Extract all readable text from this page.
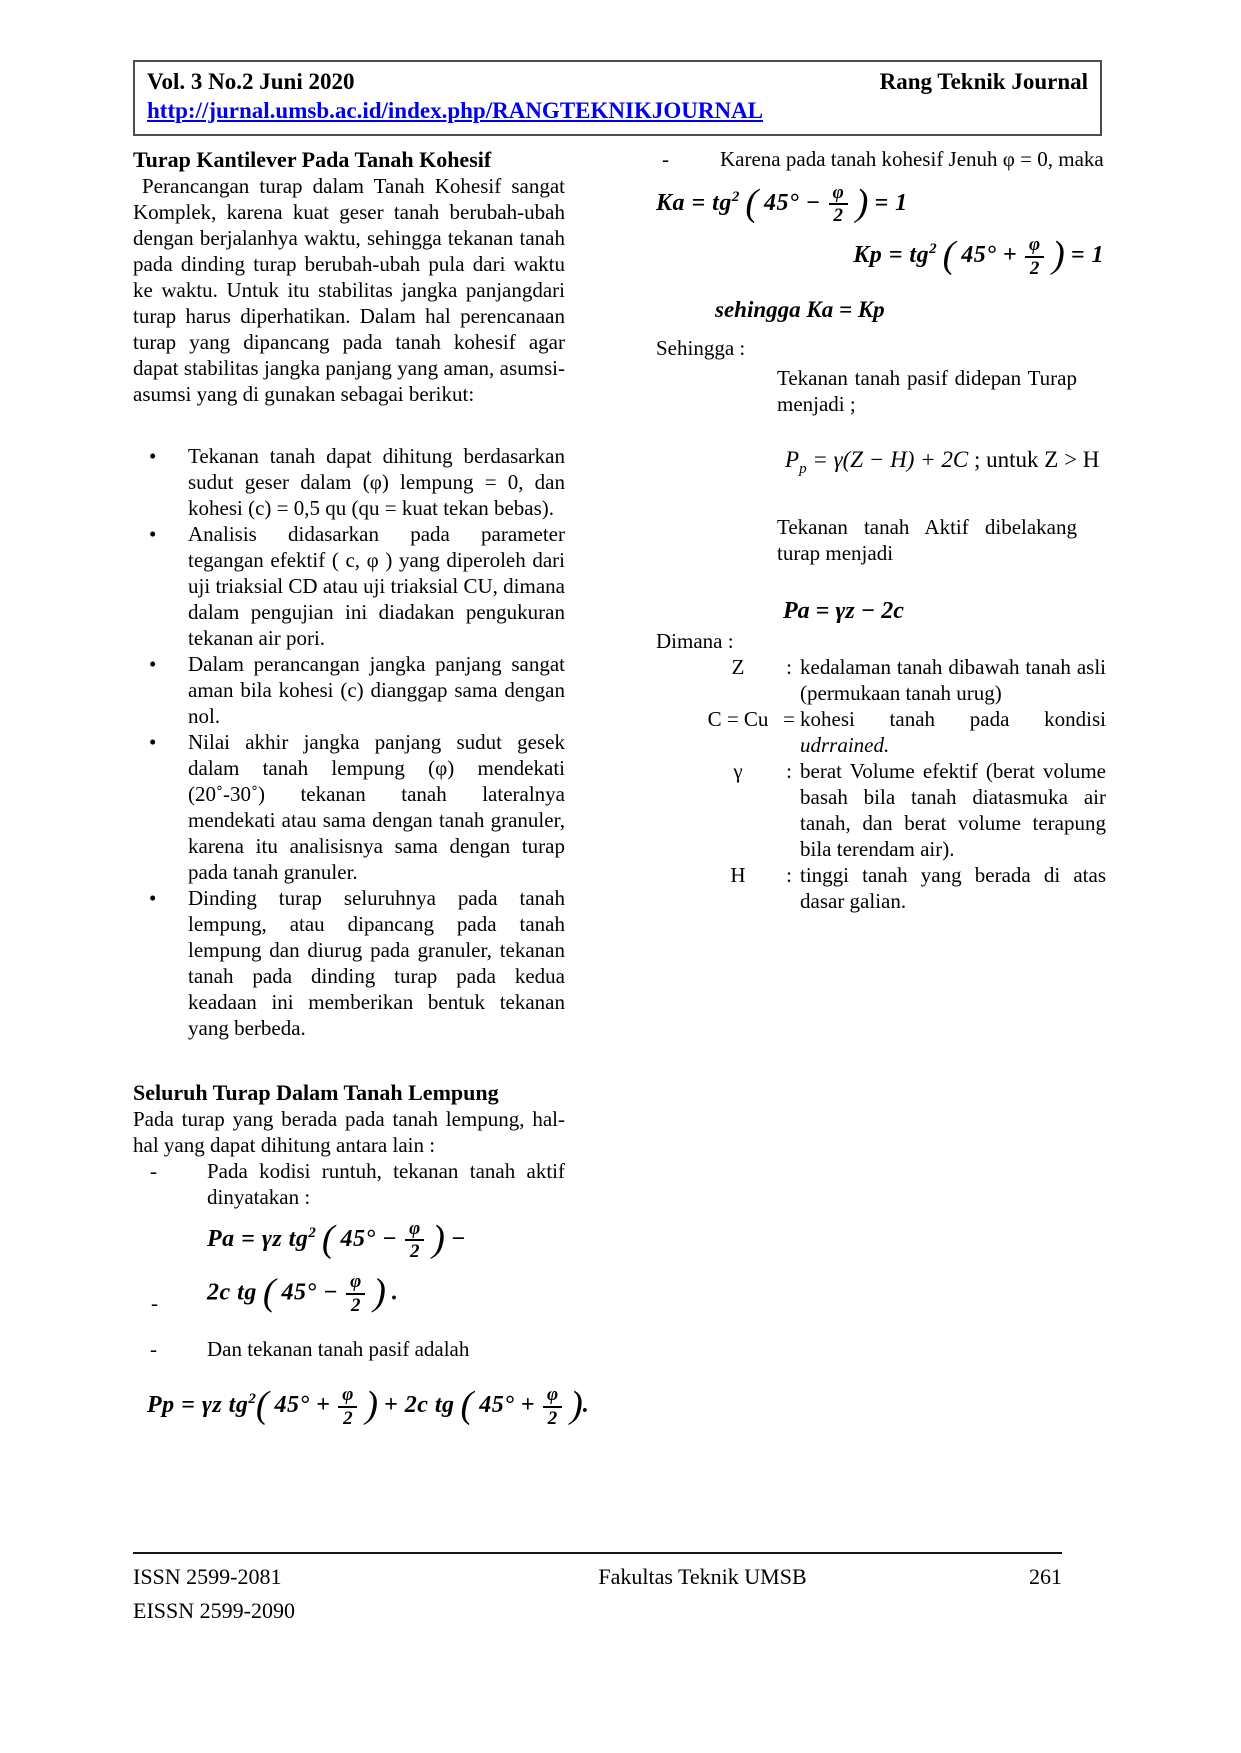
Vol. 3 No.2 Juni 2020	Rang Teknik Journal
http://jurnal.umsb.ac.id/index.php/RANGTEKNIKJOURNAL
Turap Kantilever Pada Tanah Kohesif

Perancangan turap dalam Tanah Kohesif sangat Komplek, karena kuat geser tanah berubah-ubah dengan berjalanhya waktu, sehingga tekanan tanah pada dinding turap berubah-ubah pula dari waktu ke waktu. Untuk itu stabilitas jangka panjangdari turap harus diperhatikan. Dalam hal perencanaan turap yang dipancang pada tanah kohesif agar dapat stabilitas jangka panjang yang aman, asumsi-asumsi yang di gunakan sebagai berikut:

• Tekanan tanah dapat dihitung berdasarkan sudut geser dalam (φ) lempung = 0, dan kohesi (c) = 0,5 qu (qu = kuat tekan bebas).
• Analisis didasarkan pada parameter tegangan efektif ( c, φ ) yang diperoleh dari uji triaksial CD atau uji triaksial CU, dimana dalam pengujian ini diadakan pengukuran tekanan air pori.
• Dalam perancangan jangka panjang sangat aman bila kohesi (c) dianggap sama dengan nol.
• Nilai akhir jangka panjang sudut gesek dalam tanah lempung (φ) mendekati (20˚-30˚) tekanan tanah lateralnya mendekati atau sama dengan tanah granuler, karena itu analisisnya sama dengan turap pada tanah granuler.
• Dinding turap seluruhnya pada tanah lempung, atau dipancang pada tanah lempung dan diurug pada granuler, tekanan tanah pada dinding turap pada kedua keadaan ini memberikan bentuk tekanan yang berbeda.
Seluruh Turap Dalam Tanah Lempung

Pada turap yang berada pada tanah lempung, hal-hal yang dapat dihitung antara lain :

- Pada kodisi runtuh, tekanan tanah aktif dinyatakan :
Pa = γz $tg^2$ ( $45^\circ - \frac{\varphi}{2}$ ) −
- 2c tg ( $45^\circ - \frac{\varphi}{2}$ ) .
- Dan tekanan tanah pasif adalah
Pp = γz $tg^2$( $45^\circ + \frac{\varphi}{2}$ ) + 2c tg ( $45^\circ + \frac{\varphi}{2}$ ).
- Karena pada tanah kohesif Jenuh φ = 0, maka
$Ka = tg^2$ ( $45^\circ - \frac{\varphi}{2}$ ) = 1
$Kp = tg^2$ ( $45^\circ + \frac{\varphi}{2}$ ) = 1
sehingga Ka = Kp
Sehingga :
Tekanan tanah pasif didepan Turap menjadi ;
$P_p = \gamma(Z - H) + 2C$ ; untuk Z > H
Tekanan tanah Aktif dibelakang turap menjadi
Pa = γz − 2c
Dimana :
Z	: kedalaman tanah dibawah tanah asli (permukaan tanah urug)
C = Cu = kohesi tanah pada kondisi udrrained.
γ	: berat Volume efektif (berat volume basah bila tanah diatasmuka air tanah, dan berat volume terapung bila terendam air).
H	: tinggi tanah yang berada di atas dasar galian.
ISSN 2599-2081
EISSN 2599-2090
Fakultas Teknik UMSB	261
